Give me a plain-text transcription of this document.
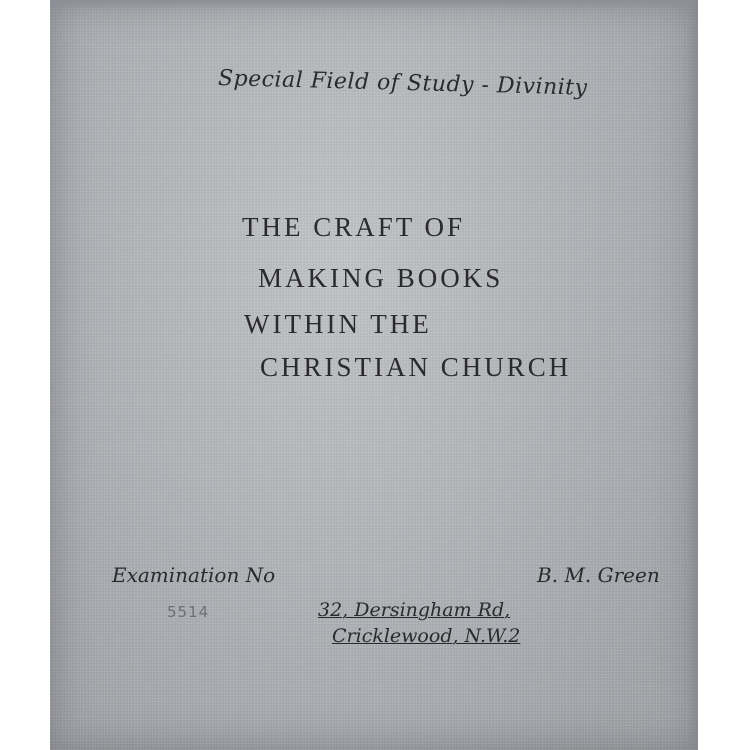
Special Field of Study - Divinity
THE CRAFT OF
MAKING BOOKS
WITHIN THE
CHRISTIAN CHURCH
Examination No
5514
B. M. Green
32, Dersingham Rd,
Cricklewood, N.W.2
